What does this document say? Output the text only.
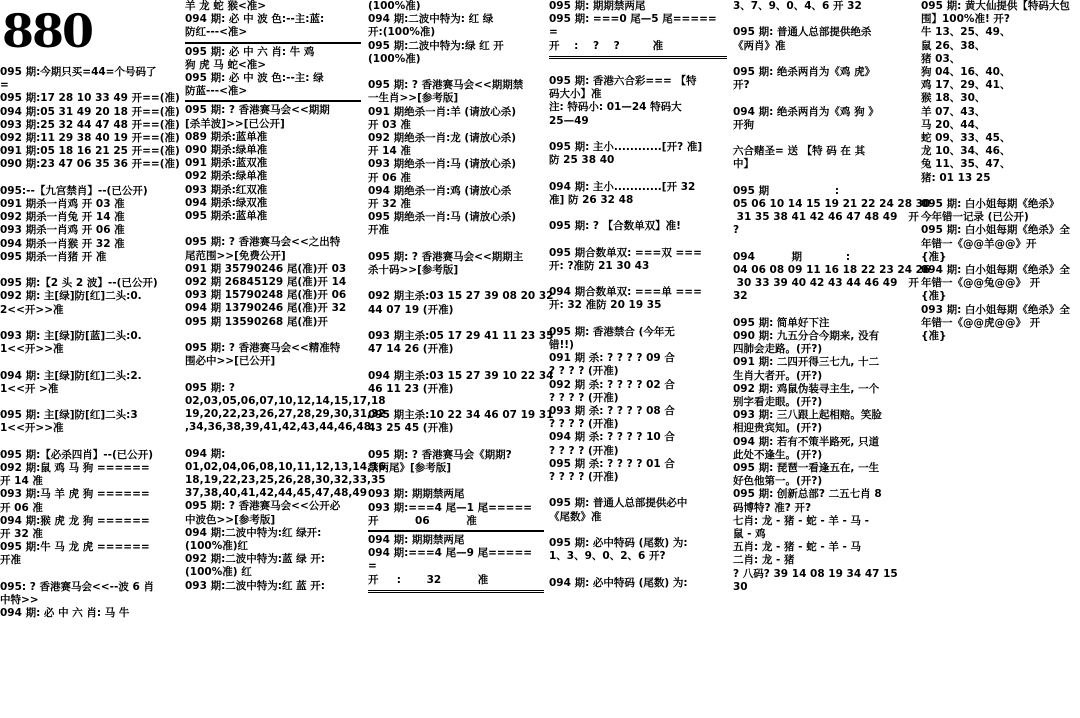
880
095 期:今期只买=44=个号码了
=
095 期:17 28 10 33 49 开==(准)
094 期:05 31 49 20 18 开==(准)
093 期:25 32 44 47 48 开==(准)
092 期:11 29 38 40 19 开==(准)
091 期:05 18 16 21 25 开==(准)
090 期:23 47 06 35 36 开==(准)
095:--【九宫禁肖】--(已公开)
091 期杀一肖鸡 开 03 准
092 期杀一肖兔 开 14 准
093 期杀一肖鸡 开 06 准
094 期杀一肖猴 开 32 准
095 期杀一肖猪 开 准
095 期:【2 头 2 波】--(已公开)
092 期: 主[绿]防[红]二头:0.
2<<开>>准
093 期: 主[绿]防[蓝]二头:0.
1<<开>>准
094 期: 主[绿]防[红]二头:2.
1<<开 >准
095 期: 主[绿]防[红]二头:3
1<<开>>准
095 期:【必杀四肖】--(已公开)
092 期:鼠 鸡 马 狗 ======
开 14 准
093 期:马 羊 虎 狗 ======
开 06 准
094 期:猴 虎 龙 狗 ======
开 32 准
095 期:牛 马 龙 虎 ======
开准
095: ? 香港赛马会<<--波 6 肖
中特>>
094 期: 必 中 六 肖: 马 牛
羊 龙 蛇 猴<准>
094 期: 必 中 波 色:--主:蓝:
防红---<准>
095 期: 必 中 六 肖: 牛 鸡
狗 虎 马 蛇<准>
095 期: 必 中 波 色:--主: 绿
防蓝---<准>
095 期: ? 香港赛马会<<期期
[杀羊波]>>[已公开]
089 期杀:蓝单准
090 期杀:绿单准
091 期杀:蓝双准
092 期杀:绿单准
093 期杀:红双准
094 期杀:绿双准
095 期杀:蓝单准
095 期: ? 香港赛马会<<之出特
尾范围>>[免费公开]
091 期 35790246 尾(准)开 03
092 期 26845129 尾(准)开 14
093 期 15790248 尾(准)开 06
094 期 13790246 尾(准)开 32
095 期 13590268 尾(准)开
095 期: ? 香港赛马会<<精准特
围必中>>[已公开]
095 期: ?
02,03,05,06,07,10,12,14,15,17,18
19,20,22,23,26,27,28,29,30,31,32
,34,36,38,39,41,42,43,44,46,48
094 期:
01,02,04,06,08,10,11,12,13,14,16
18,19,22,23,25,26,28,30,32,33,35
37,38,40,41,42,44,45,47,48,49
095 期: ? 香港赛马会<<公开必
中波色>>[参考版]
094 期:二波中特为:红 绿开:
(100%准)红
092 期:二波中特为:蓝 绿 开:
(100%准) 红
093 期:二波中特为:红 蓝 开:
(100%准)
094 期:二波中特为: 红 绿
开:(100%准)
095 期:二波中特为:绿 红 开
(100%准)
095 期: ? 香港赛马会<<期期禁
一生肖>>[参考版]
091 期绝杀一肖:羊 (请放心杀)
开 03 准
092 期绝杀一肖:龙 (请放心杀)
开 14 准
093 期绝杀一肖:马 (请放心杀)
开 06 准
094 期绝杀一肖:鸡 (请放心杀
开 32 准
095 期绝杀一肖:马 (请放心杀)
开准
095 期: ? 香港赛马会<<期期主
杀十码>>[参考版]
092 期主杀:03 15 27 39 08 20 32
44 07 19 (开准)
093 期主杀:05 17 29 41 11 23 35
47 14 26 (开准)
094 期主杀:03 15 27 39 10 22 34
46 11 23 (开准)
095 期主杀:10 22 34 46 07 19 31
43 25 45 (开准)
095 期: ? 香港赛马会《期期?
禁两尾》[参考版]
093 期: 期期禁两尾
093 期:===4 尾—1 尾=====
开          06          准
094 期: 期期禁两尾
094 期:===4 尾—9 尾=====
=
开     :       32          准
095 期: 期期禁两尾
095 期: ===0 尾—5 尾=====
=
开    :    ?    ?         准
095 期: 香港六合彩=== 【特
码大小】准
注: 特码小: 01—24 特码大
25—49
095 期: 主小............[开? 准]
防 25 38 40
094 期: 主小............[开 32
准] 防 26 32 48
095 期: ? 【合数单双】准!
095 期合数单双: ===双 ===
开: ?准防 21 30 43
094 期合数单双: ===单 ===
开: 32 准防 20 19 35
095 期: 香港禁合 (今年无
错!!)
091 期 杀: ? ? ? ? 09 合
? ? ? ? (开准)
092 期 杀: ? ? ? ? 02 合
? ? ? ? (开准)
093 期 杀: ? ? ? ? 08 合
? ? ? ? (开准)
094 期 杀: ? ? ? ? 10 合
? ? ? ? (开准)
095 期 杀: ? ? ? ? 01 合
? ? ? ? (开准)
095 期: 普通人总部提供必中
《尾数》准
095 期: 必中特码 (尾数) 为:
1、3、9、0、2、6 开?
094 期: 必中特码 (尾数) 为:
3、7、9、0、4、6 开 32
095 期: 普通人总部提供绝杀
《两肖》准
095 期: 绝杀两肖为《鸡 虎》
开?
094 期: 绝杀两肖为《鸡 狗 》
开狗
六合赌圣= 送 【特 码 在 其
中】
095 期                  :
05 06 10 14 15 19 21 22 24 28 30
31 35 38 41 42 46 47 48 49   开
?
094          期            :
04 06 08 09 11 16 18 22 23 24 26
30 33 39 40 42 43 44 46 49   开
32
095 期: 简单好下注
090 期: 九五分合今期来, 没有
四肺会走路。(开?)
091 期: 二四开得三七九, 十二
生肖大者开。(开?)
092 期: 鸡鼠伪装寻主生, 一个
别字看走眼。(开?)
093 期: 三八跟上起相赔。笑脸
相迎贵宾知。(开?)
094 期: 若有不策半路死, 只道
此处不逢生。(开?)
095 期: 琵琶一看逢五在, 一生
好色他第一。(开?)
095 期: 创新总部? 二五七肖 8
码博特? 准? 开?
七肖: 龙 - 猪 - 蛇 - 羊 - 马 -
鼠 - 鸡
五肖: 龙 - 猪 - 蛇 - 羊 - 马
二肖: 龙 - 猪
? 八码? 39 14 08 19 34 47 15
30
095 期: 黄大仙提供【特码大包
围】100%准! 开?
牛 13、25、49、
鼠 26、38、
猪 03、
狗 04、16、40、
鸡 17、29、41、
猴 18、30、
羊 07、43、
马 20、44、
蛇 09、33、45、
龙 10、34、46、
兔 11、35、47、
猪: 01 13 25
095 期: 白小姐每期《绝杀》
今年错一记录 (已公开)
095 期: 白小姐每期《绝杀》全
年错一《@@羊@@》开
{准}
094 期: 白小姐每期《绝杀》全
年错一《@@兔@@》 开
{准}
093 期: 白小姐每期《绝杀》全
年错一《@@虎@@》 开
{准}
